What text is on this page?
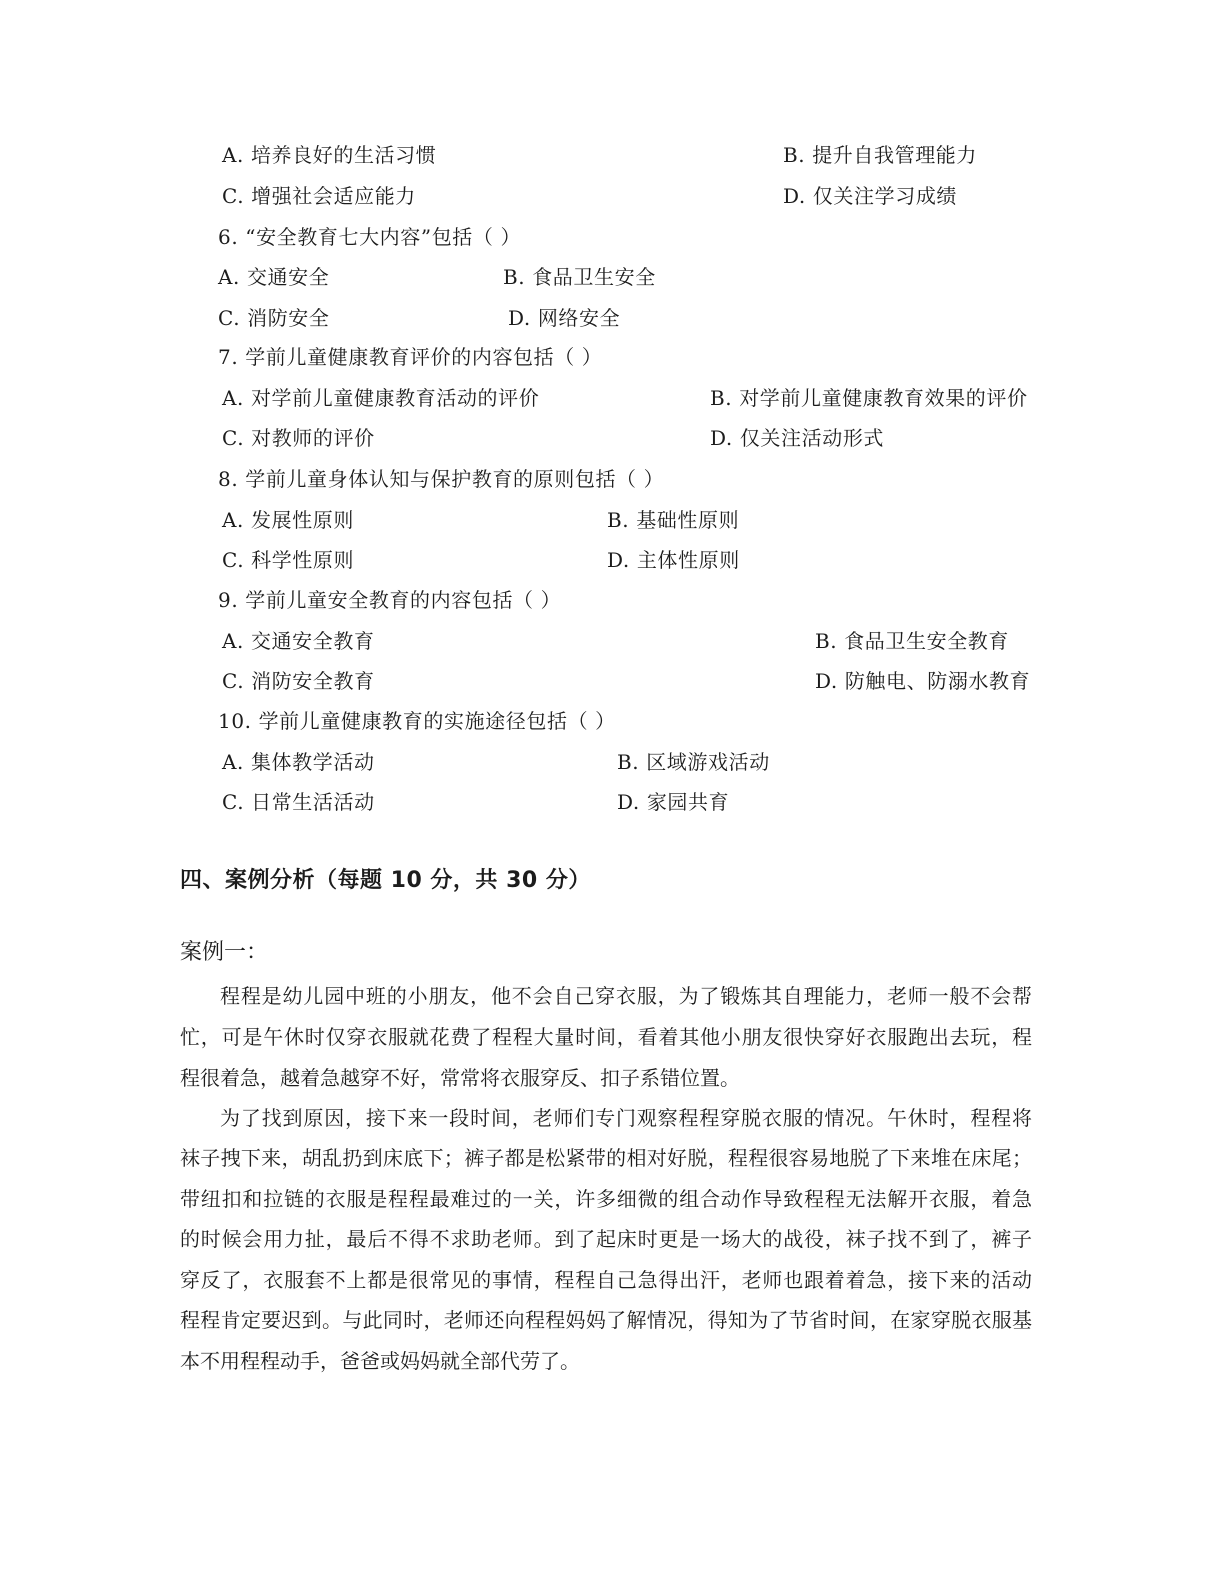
A. 培养良好的生活习惯	B. 提升自我管理能力
C. 增强社会适应能力	D. 仅关注学习成绩
6. “安全教育七大内容”包括（ ）
A. 交通安全	B. 食品卫生安全
C. 消防安全	D. 网络安全
7. 学前儿童健康教育评价的内容包括（ ）
A. 对学前儿童健康教育活动的评价	B. 对学前儿童健康教育效果的评价
C. 对教师的评价	D. 仅关注活动形式
8. 学前儿童身体认知与保护教育的原则包括（ ）
A. 发展性原则	B. 基础性原则
C. 科学性原则	D. 主体性原则
9. 学前儿童安全教育的内容包括（ ）
A. 交通安全教育	B. 食品卫生安全教育
C. 消防安全教育	D. 防触电、防溺水教育
10. 学前儿童健康教育的实施途径包括（ ）
A. 集体教学活动	B. 区域游戏活动
C. 日常生活活动	D. 家园共育
四、案例分析（每题 10 分，共 30 分）
案例一：
程程是幼儿园中班的小朋友，他不会自己穿衣服，为了锻炼其自理能力，老师一般不会帮
忙，可是午休时仅穿衣服就花费了程程大量时间，看着其他小朋友很快穿好衣服跑出去玩，程
程很着急，越着急越穿不好，常常将衣服穿反、扣子系错位置。
为了找到原因，接下来一段时间，老师们专门观察程程穿脱衣服的情况。午休时，程程将
袜子拽下来，胡乱扔到床底下；裤子都是松紧带的相对好脱，程程很容易地脱了下来堆在床尾；
带纽扣和拉链的衣服是程程最难过的一关，许多细微的组合动作导致程程无法解开衣服，着急
的时候会用力扯，最后不得不求助老师。到了起床时更是一场大的战役，袜子找不到了，裤子
穿反了，衣服套不上都是很常见的事情，程程自己急得出汗，老师也跟着着急，接下来的活动
程程肯定要迟到。与此同时，老师还向程程妈妈了解情况，得知为了节省时间，在家穿脱衣服基
本不用程程动手，爸爸或妈妈就全部代劳了。
